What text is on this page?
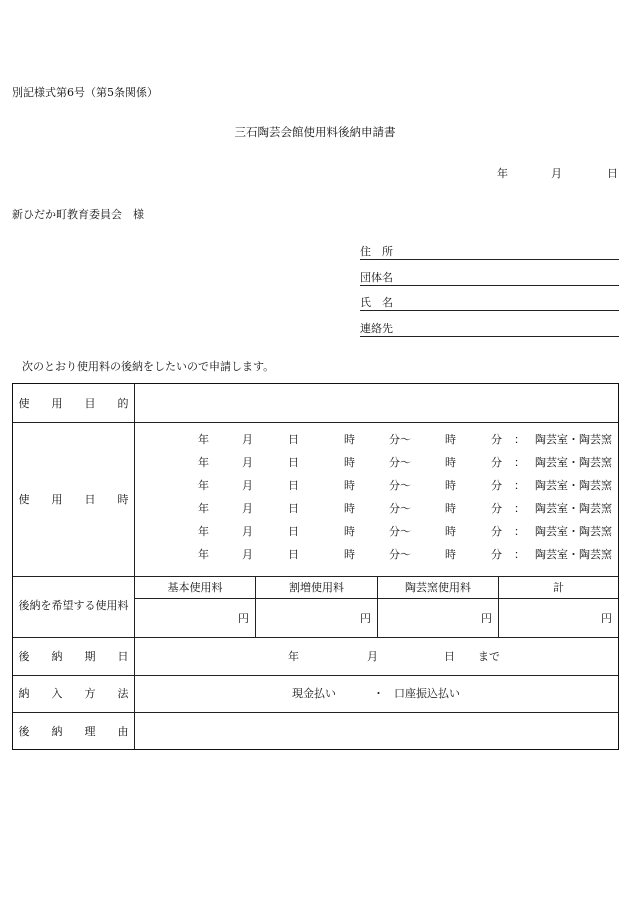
別記様式第6号（第5条関係）
三石陶芸会館使用料後納申請書
年	月	日
新ひだか町教育委員会　様
住　所
団体名
氏　名
連絡先
次のとおり使用料の後納をしたいので申請します。
使　　用　　目　　的
使　　用　　日　　時
年	月	日	時	分〜	時	分 ： 陶芸室・陶芸窯
年	月	日	時	分〜	時	分 ： 陶芸室・陶芸窯
年	月	日	時	分〜	時	分 ： 陶芸室・陶芸窯
年	月	日	時	分〜	時	分 ： 陶芸室・陶芸窯
年	月	日	時	分〜	時	分 ： 陶芸室・陶芸窯
年	月	日	時	分〜	時	分 ： 陶芸室・陶芸窯
後納を希望する使用料
基本使用料	割増使用料	陶芸窯使用料	計
円	円	円	円
後　　納　　期　　日	年	月	日 まで
納　　入　　方　　法	現金払い	・ 口座振込払い
後　　納　　理　　由
